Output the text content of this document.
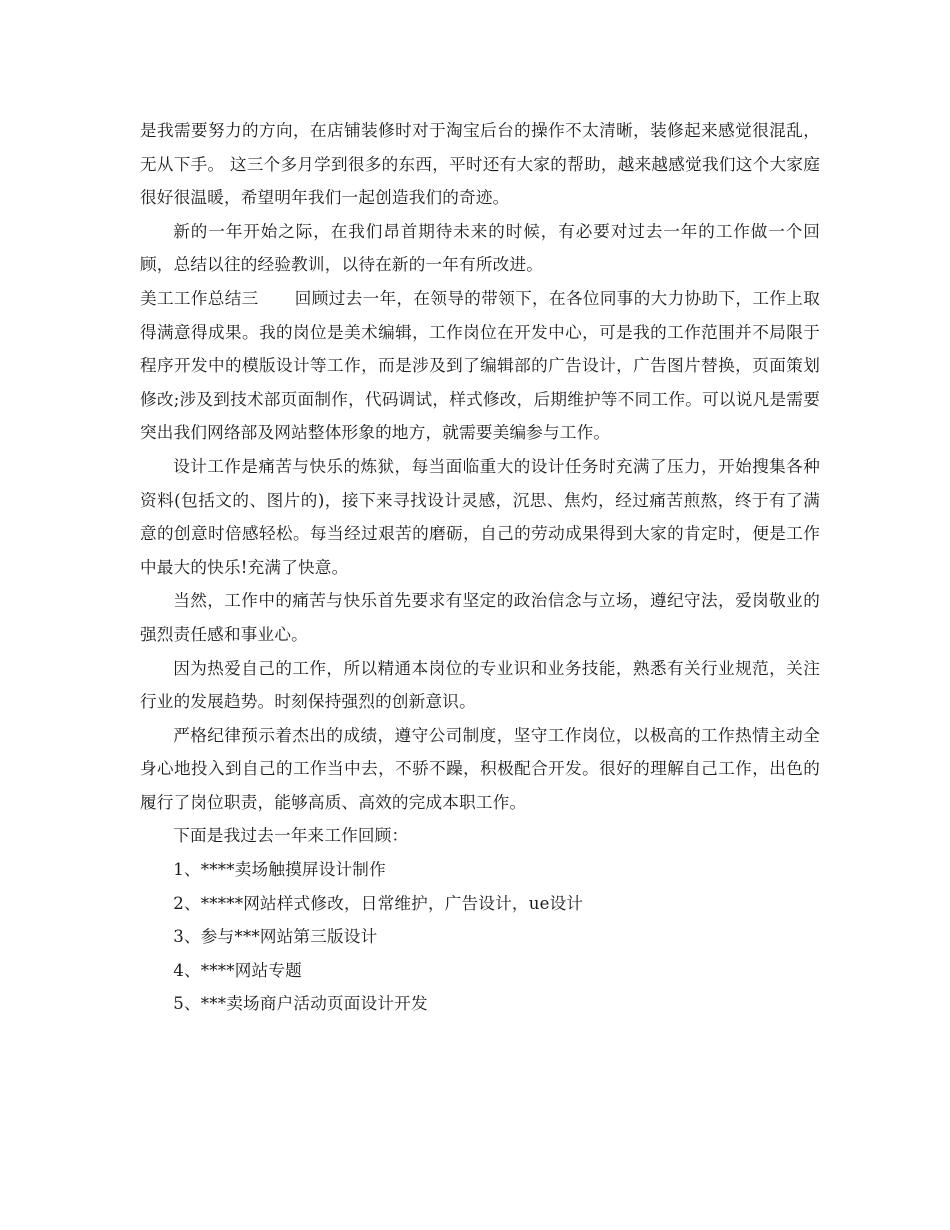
是我需要努力的方向，在店铺装修时对于淘宝后台的操作不太清晰，装修起来感觉很混乱，无从下手。 这三个多月学到很多的东西，平时还有大家的帮助，越来越感觉我们这个大家庭很好很温暖，希望明年我们一起创造我们的奇迹。

新的一年开始之际，在我们昂首期待未来的时候，有必要对过去一年的工作做一个回顾，总结以往的经验教训，以待在新的一年有所改进。

美工工作总结三 回顾过去一年，在领导的带领下，在各位同事的大力协助下，工作上取得满意得成果。我的岗位是美术编辑，工作岗位在开发中心，可是我的工作范围并不局限于程序开发中的模版设计等工作，而是涉及到了编辑部的广告设计，广告图片替换，页面策划修改;涉及到技术部页面制作，代码调试，样式修改，后期维护等不同工作。可以说凡是需要突出我们网络部及网站整体形象的地方，就需要美编参与工作。

设计工作是痛苦与快乐的炼狱，每当面临重大的设计任务时充满了压力，开始搜集各种资料(包括文的、图片的)，接下来寻找设计灵感，沉思、焦灼，经过痛苦煎熬，终于有了满意的创意时倍感轻松。每当经过艰苦的磨砺，自己的劳动成果得到大家的肯定时，便是工作中最大的快乐!充满了快意。

当然，工作中的痛苦与快乐首先要求有坚定的政治信念与立场，遵纪守法，爱岗敬业的强烈责任感和事业心。

因为热爱自己的工作，所以精通本岗位的专业识和业务技能，熟悉有关行业规范，关注行业的发展趋势。时刻保持强烈的创新意识。

严格纪律预示着杰出的成绩，遵守公司制度，坚守工作岗位，以极高的工作热情主动全身心地投入到自己的工作当中去，不骄不躁，积极配合开发。很好的理解自己工作，出色的履行了岗位职责，能够高质、高效的完成本职工作。

下面是我过去一年来工作回顾：

1、****卖场触摸屏设计制作

2、*****网站样式修改，日常维护，广告设计，ue设计

3、参与***网站第三版设计

4、****网站专题

5、***卖场商户活动页面设计开发
